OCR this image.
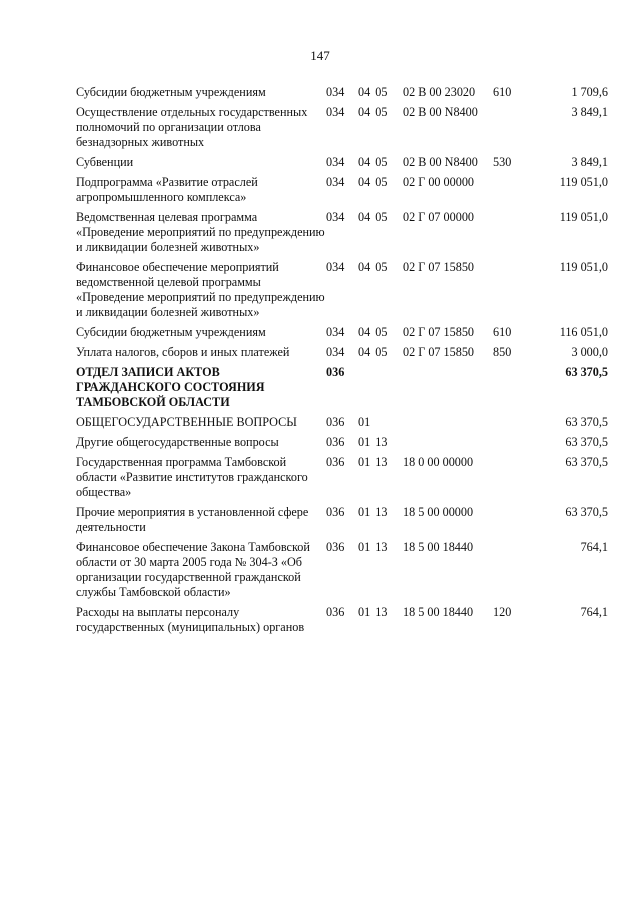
147
Субсидии бюджетным учреждениям	034	04 05	02 В 00 23020	610	1 709,6
Осуществление отдельных государственных полномочий по организации отлова безнадзорных животных	034	04 05	02 В 00 N8400		3 849,1
Субвенции	034	04 05	02 В 00 N8400	530	3 849,1
Подпрограмма «Развитие отраслей агропромышленного комплекса»	034	04 05	02 Г 00 00000		119 051,0
Ведомственная целевая программа «Проведение мероприятий по предупреждению и ликвидации болезней животных»	034	04 05	02 Г 07 00000		119 051,0
Финансовое обеспечение мероприятий ведомственной целевой программы «Проведение мероприятий по предупреждению и ликвидации болезней животных»	034	04 05	02 Г 07 15850		119 051,0
Субсидии бюджетным учреждениям	034	04 05	02 Г 07 15850	610	116 051,0
Уплата налогов, сборов и иных платежей	034	04 05	02 Г 07 15850	850	3 000,0
ОТДЕЛ ЗАПИСИ АКТОВ ГРАЖДАНСКОГО СОСТОЯНИЯ ТАМБОВСКОЙ ОБЛАСТИ	036				63 370,5
ОБЩЕГОСУДАРСТВЕННЫЕ ВОПРОСЫ	036	01			63 370,5
Другие общегосударственные вопросы	036	01 13			63 370,5
Государственная программа Тамбовской области «Развитие институтов гражданского общества»	036	01 13	18 0 00 00000		63 370,5
Прочие мероприятия в установленной сфере деятельности	036	01 13	18 5 00 00000		63 370,5
Финансовое обеспечение Закона Тамбовской области от 30 марта 2005 года № 304-З «Об организации государственной гражданской службы Тамбовской области»	036	01 13	18 5 00 18440		764,1
Расходы на выплаты персоналу государственных (муниципальных) органов	036	01 13	18 5 00 18440	120	764,1
